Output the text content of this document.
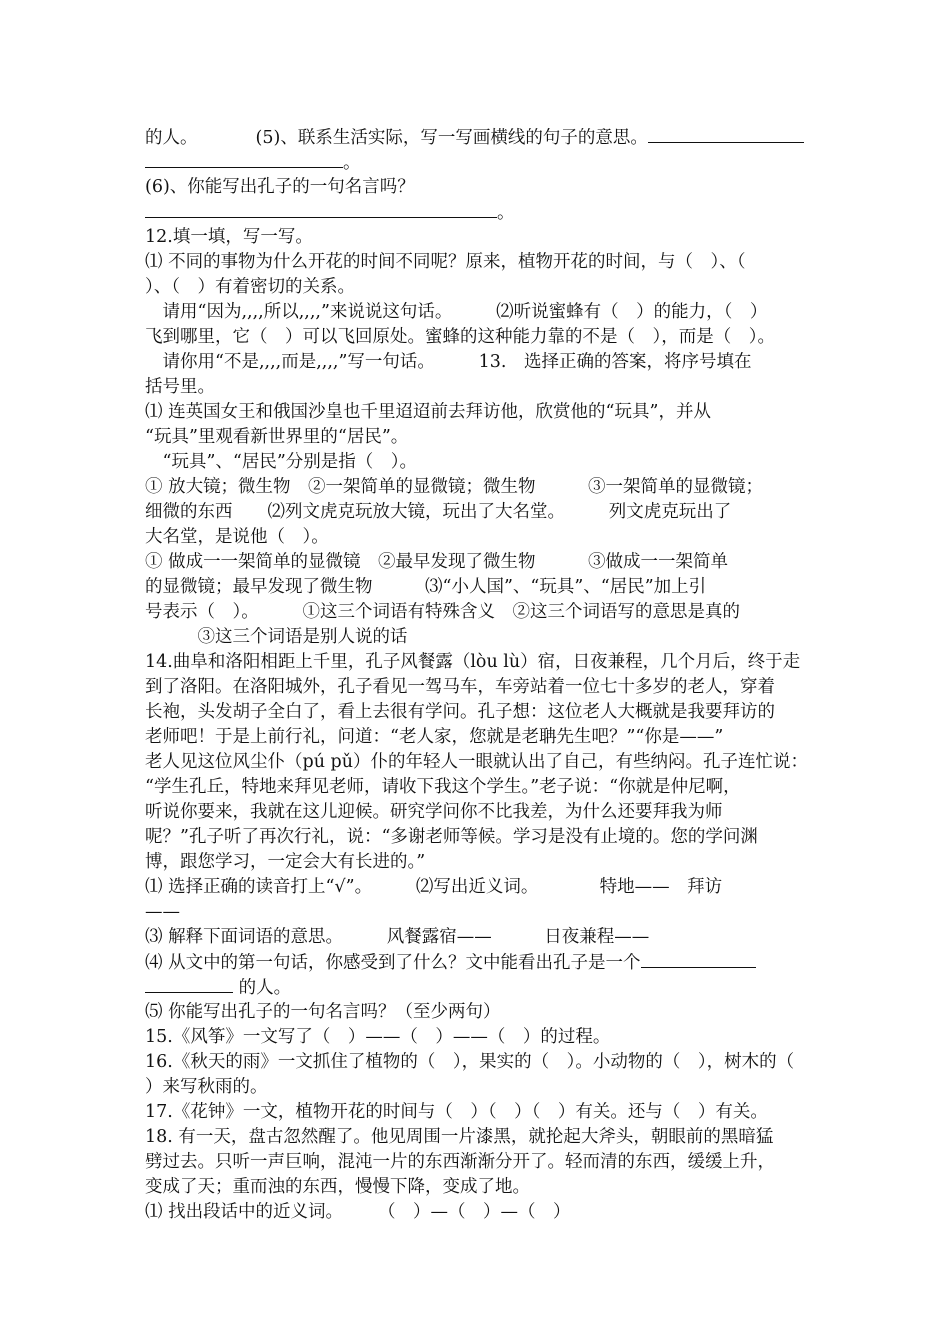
的人。 　　　(5)、联系生活实际，写一写画横线的句子的意思。
。
(6)、你能写出孔子的一句名言吗？
。
12.填一填，写一写。
⑴ 不同的事物为什么开花的时间不同呢？原来，植物开花的时间，与（　）、（
）、（　）有着密切的关系。
　请用“因为,,,,所以,,,,”来说说这句话。　　　⑵听说蜜蜂有（　）的能力，（　）
飞到哪里，它（　）可以飞回原处。蜜蜂的这种能力靠的不是（　），而是（　）。
　请你用“不是,,,,而是,,,,”写一句话。　　　13.　选择正确的答案，将序号填在
括号里。
⑴ 连英国女王和俄国沙皇也千里迢迢前去拜访他，欣赏他的“玩具”，并从
“玩具”里观看新世界里的“居民”。
　“玩具”、“居民”分别是指（　）。
① 放大镜；微生物　②一架简单的显微镜；微生物　　　③一架简单的显微镜；
细微的东西　　⑵列文虎克玩放大镜，玩出了大名堂。　　　列文虎克玩出了
大名堂，是说他（　）。
① 做成一一架简单的显微镜　②最早发现了微生物　　　③做成一一架简单
的显微镜；最早发现了微生物　　　⑶“小人国”、“玩具”、“居民”加上引
号表示（　）。　　　①这三个词语有特殊含义　②这三个词语写的意思是真的
　　　③这三个词语是别人说的话
14.曲阜和洛阳相距上千里，孔子风餐露（lòu lù）宿，日夜兼程，几个月后，终于走
到了洛阳。在洛阳城外，孔子看见一驾马车，车旁站着一位七十多岁的老人，穿着
长袍，头发胡子全白了，看上去很有学问。孔子想：这位老人大概就是我要拜访的
老师吧！于是上前行礼，问道：“老人家，您就是老聃先生吧？”“你是——”
老人见这位风尘仆（pú pǔ）仆的年轻人一眼就认出了自己，有些纳闷。孔子连忙说：
“学生孔丘，特地来拜见老师，请收下我这个学生。”老子说：“你就是仲尼啊，
听说你要来，我就在这儿迎候。研究学问你不比我差，为什么还要拜我为师
呢？”孔子听了再次行礼，说：“多谢老师等候。学习是没有止境的。您的学问渊
博，跟您学习，一定会大有长进的。”
⑴ 选择正确的读音打上“√”。　　　⑵写出近义词。　　　　特地——　拜访
——
⑶ 解释下面词语的意思。　　　风餐露宿——　　　日夜兼程——
⑷ 从文中的第一句话，你感受到了什么？文中能看出孔子是一个
的人。
⑸ 你能写出孔子的一句名言吗？（至少两句）
15.《风筝》一文写了（　）——（　）——（　）的过程。
16.《秋天的雨》一文抓住了植物的（　），果实的（　）。小动物的（　），树木的（
）来写秋雨的。
17.《花钟》一文，植物开花的时间与（　）（　）（　）有关。还与（　）有关。
18. 有一天，盘古忽然醒了。他见周围一片漆黑，就抡起大斧头，朝眼前的黑暗猛
劈过去。只听一声巨响，混沌一片的东西渐渐分开了。轻而清的东西，缓缓上升，
变成了天；重而浊的东西，慢慢下降，变成了地。
⑴ 找出段话中的近义词。　　　（　）—（　）—（　）
